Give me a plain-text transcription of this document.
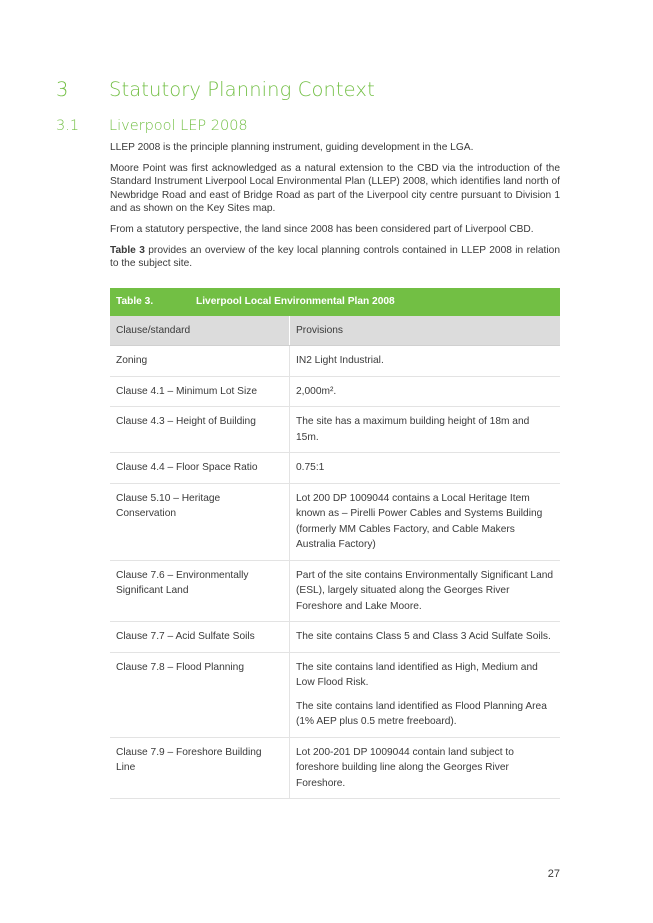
3 Statutory Planning Context
3.1 Liverpool LEP 2008

LLEP 2008 is the principle planning instrument, guiding development in the LGA.

Moore Point was first acknowledged as a natural extension to the CBD via the introduction of the Standard Instrument Liverpool Local Environmental Plan (LLEP) 2008, which identifies land north of Newbridge Road and east of Bridge Road as part of the Liverpool city centre pursuant to Division 1 and as shown on the Key Sites map.

From a statutory perspective, the land since 2008 has been considered part of Liverpool CBD.

Table 3 provides an overview of the key local planning controls contained in LLEP 2008 in relation to the subject site.

Table 3. Liverpool Local Environmental Plan 2008	
Clause/standard	Provisions
Zoning	IN2 Light Industrial.

Clause 4.1 – Minimum Lot Size	2,000m².

Clause 4.3 – Height of Building	The site has a maximum building height of 18m and 15m.

Clause 4.4 – Floor Space Ratio	0.75:1

Clause 5.10 – Heritage Conservation	Lot 200 DP 1009044 contains a Local Heritage Item known as – Pirelli Power Cables and Systems Building (formerly MM Cables Factory, and Cable Makers Australia Factory)

Clause 7.6 – Environmentally Significant Land	Part of the site contains Environmentally Significant Land (ESL), largely situated along the Georges River Foreshore and Lake Moore.

Clause 7.7 – Acid Sulfate Soils	The site contains Class 5 and Class 3 Acid Sulfate Soils.

Clause 7.8 – Flood Planning	The site contains land identified as High, Medium and Low Flood Risk.

The site contains land identified as Flood Planning Area (1% AEP plus 0.5 metre freeboard).

Clause 7.9 – Foreshore Building Line	Lot 200-201 DP 1009044 contain land subject to foreshore building line along the Georges River Foreshore.

27
